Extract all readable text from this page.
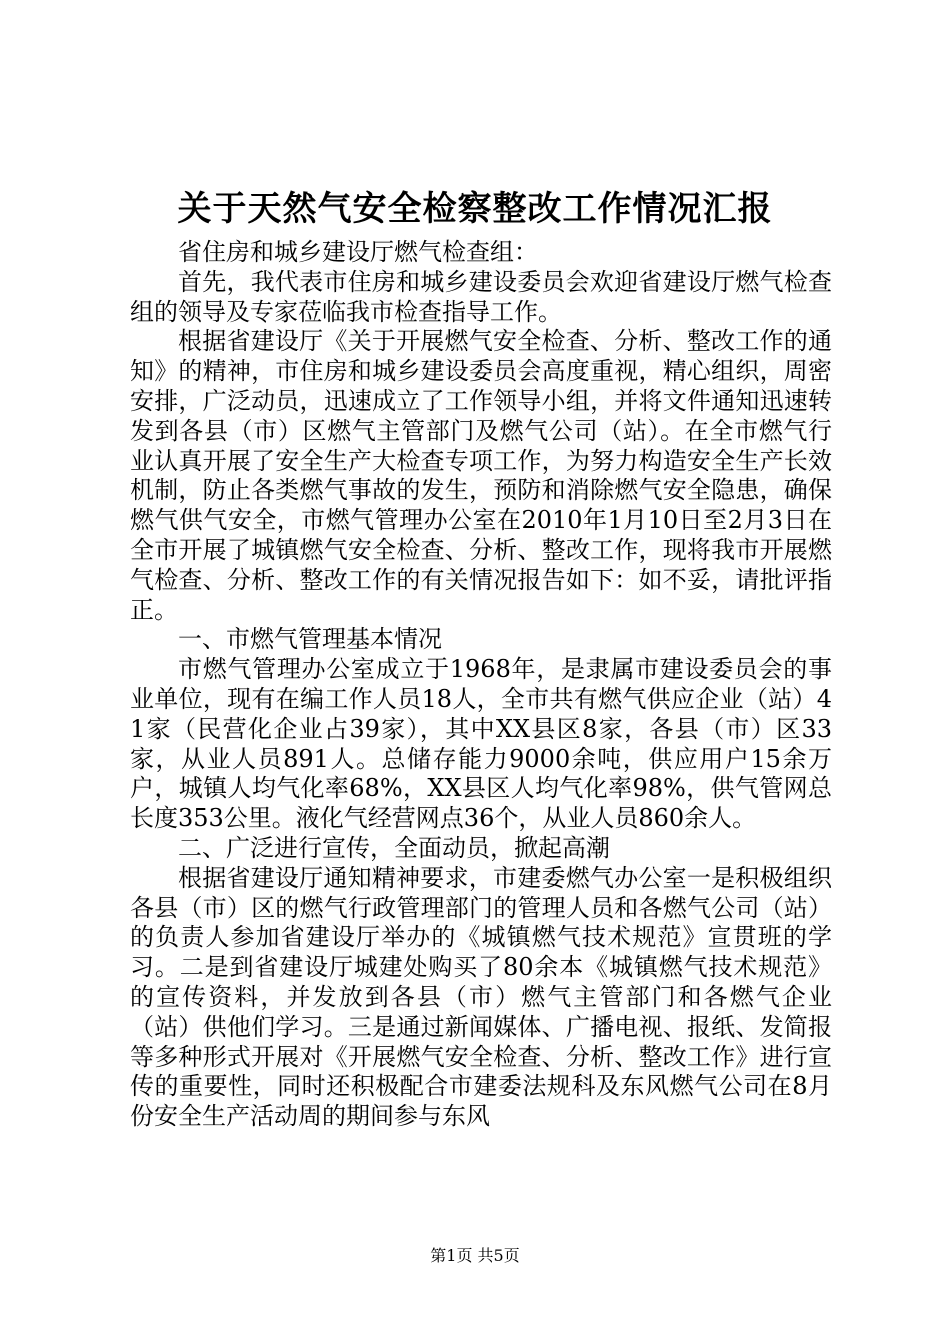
关于天然气安全检察整改工作情况汇报

省住房和城乡建设厅燃气检查组：

首先，我代表市住房和城乡建设委员会欢迎省建设厅燃气检查组的领导及专家莅临我市检查指导工作。

根据省建设厅《关于开展燃气安全检查、分析、整改工作的通知》的精神，市住房和城乡建设委员会高度重视，精心组织，周密安排，广泛动员，迅速成立了工作领导小组，并将文件通知迅速转发到各县（市）区燃气主管部门及燃气公司（站）。在全市燃气行业认真开展了安全生产大检查专项工作，为努力构造安全生产长效机制，防止各类燃气事故的发生，预防和消除燃气安全隐患，确保燃气供气安全，市燃气管理办公室在2010年1月10日至2月3日在全市开展了城镇燃气安全检查、分析、整改工作，现将我市开展燃气检查、分析、整改工作的有关情况报告如下：如不妥，请批评指正。

一、市燃气管理基本情况

市燃气管理办公室成立于1968年，是隶属市建设委员会的事业单位，现有在编工作人员18人，全市共有燃气供应企业（站）41家（民营化企业占39家），其中XX县区8家，各县（市）区33家，从业人员891人。总储存能力9000余吨，供应用户15余万户，城镇人均气化率68%，XX县区人均气化率98%，供气管网总长度353公里。液化气经营网点36个，从业人员860余人。

二、广泛进行宣传，全面动员，掀起高潮

根据省建设厅通知精神要求，市建委燃气办公室一是积极组织各县（市）区的燃气行政管理部门的管理人员和各燃气公司（站）的负责人参加省建设厅举办的《城镇燃气技术规范》宣贯班的学习。二是到省建设厅城建处购买了80余本《城镇燃气技术规范》的宣传资料，并发放到各县（市）燃气主管部门和各燃气企业（站）供他们学习。三是通过新闻媒体、广播电视、报纸、发简报等多种形式开展对《开展燃气安全检查、分析、整改工作》进行宣传的重要性，同时还积极配合市建委法规科及东风燃气公司在8月份安全生产活动周的期间参与东风

第1页 共5页
